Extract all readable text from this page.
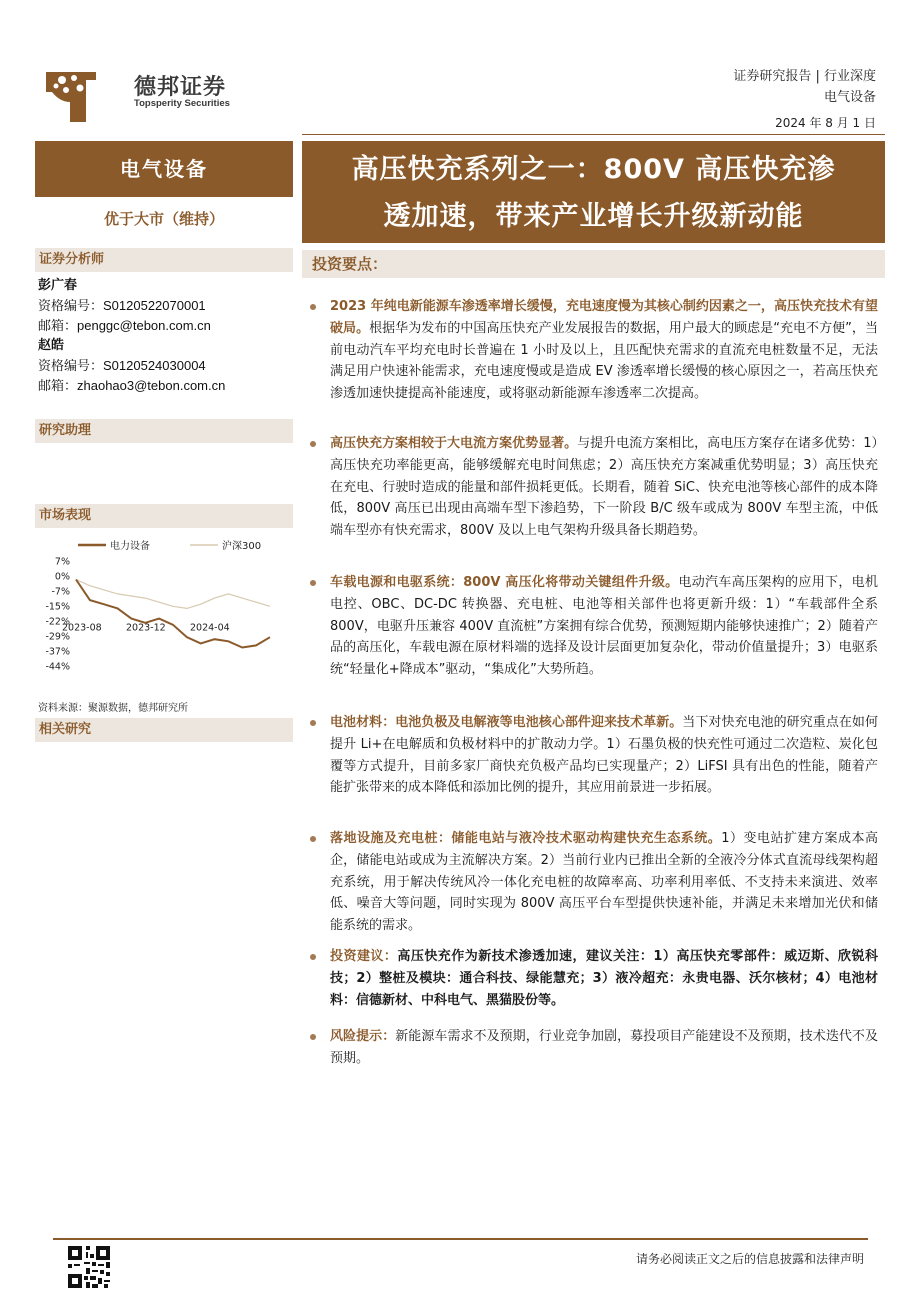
德邦证券
Topsperity Securities
证券研究报告 | 行业深度
电气设备
2024 年 8 月 1 日
电气设备
优于大市（维持）
证券分析师
彭广春
资格编号：S0120522070001
邮箱：penggc@tebon.com.cn
赵皓
资格编号：S0120524030004
邮箱：zhaohao3@tebon.com.cn
研究助理
市场表现
电力设备	沪深300
7%
0%
-7%
-15%
-22%
-29%
-37%
-44%
2023-08	2023-12	2024-04
资料来源：聚源数据，德邦研究所
相关研究
高压快充系列之一：800V 高压快充渗
透加速，带来产业增长升级新动能
投资要点：
2023 年纯电新能源车渗透率增长缓慢，充电速度慢为其核心制约因素之一，高压快充技术有望破局。根据华为发布的中国高压快充产业发展报告的数据，用户最大的顾虑是“充电不方便”，当前电动汽车平均充电时长普遍在 1 小时及以上，且匹配快充需求的直流充电桩数量不足，无法满足用户快速补能需求，充电速度慢或是造成 EV 渗透率增长缓慢的核心原因之一，若高压快充渗透加速快捷提高补能速度，或将驱动新能源车渗透率二次提高。
高压快充方案相较于大电流方案优势显著。与提升电流方案相比，高电压方案存在诸多优势：1）高压快充功率能更高，能够缓解充电时间焦虑；2）高压快充方案减重优势明显；3）高压快充在充电、行驶时造成的能量和部件损耗更低。长期看，随着 SiC、快充电池等核心部件的成本降低，800V 高压已出现由高端车型下渗趋势，下一阶段 B/C 级车或成为 800V 车型主流，中低端车型亦有快充需求，800V 及以上电气架构升级具备长期趋势。
车载电源和电驱系统：800V 高压化将带动关键组件升级。电动汽车高压架构的应用下，电机电控、OBC、DC-DC 转换器、充电桩、电池等相关部件也将更新升级：1）“车载部件全系 800V，电驱升压兼容 400V 直流桩”方案拥有综合优势，预测短期内能够快速推广；2）随着产品的高压化，车载电源在原材料端的选择及设计层面更加复杂化，带动价值量提升；3）电驱系统“轻量化+降成本”驱动，“集成化”大势所趋。
电池材料：电池负极及电解液等电池核心部件迎来技术革新。当下对快充电池的研究重点在如何提升 Li+在电解质和负极材料中的扩散动力学。1）石墨负极的快充性可通过二次造粒、炭化包覆等方式提升，目前多家厂商快充负极产品均已实现量产；2）LiFSI 具有出色的性能，随着产能扩张带来的成本降低和添加比例的提升，其应用前景进一步拓展。
落地设施及充电桩：储能电站与液冷技术驱动构建快充生态系统。1）变电站扩建方案成本高企，储能电站或成为主流解决方案。2）当前行业内已推出全新的全液冷分体式直流母线架构超充系统，用于解决传统风冷一体化充电桩的故障率高、功率利用率低、不支持未来演进、效率低、噪音大等问题，同时实现为 800V 高压平台车型提供快速补能，并满足未来增加光伏和储能系统的需求。
投资建议：高压快充作为新技术渗透加速，建议关注：1）高压快充零部件：威迈斯、欣锐科技；2）整桩及模块：通合科技、绿能慧充；3）液冷超充：永贵电器、沃尔核材；4）电池材料：信德新材、中科电气、黑猫股份等。
风险提示：新能源车需求不及预期，行业竞争加剧，募投项目产能建设不及预期，技术迭代不及预期。
请务必阅读正文之后的信息披露和法律声明
